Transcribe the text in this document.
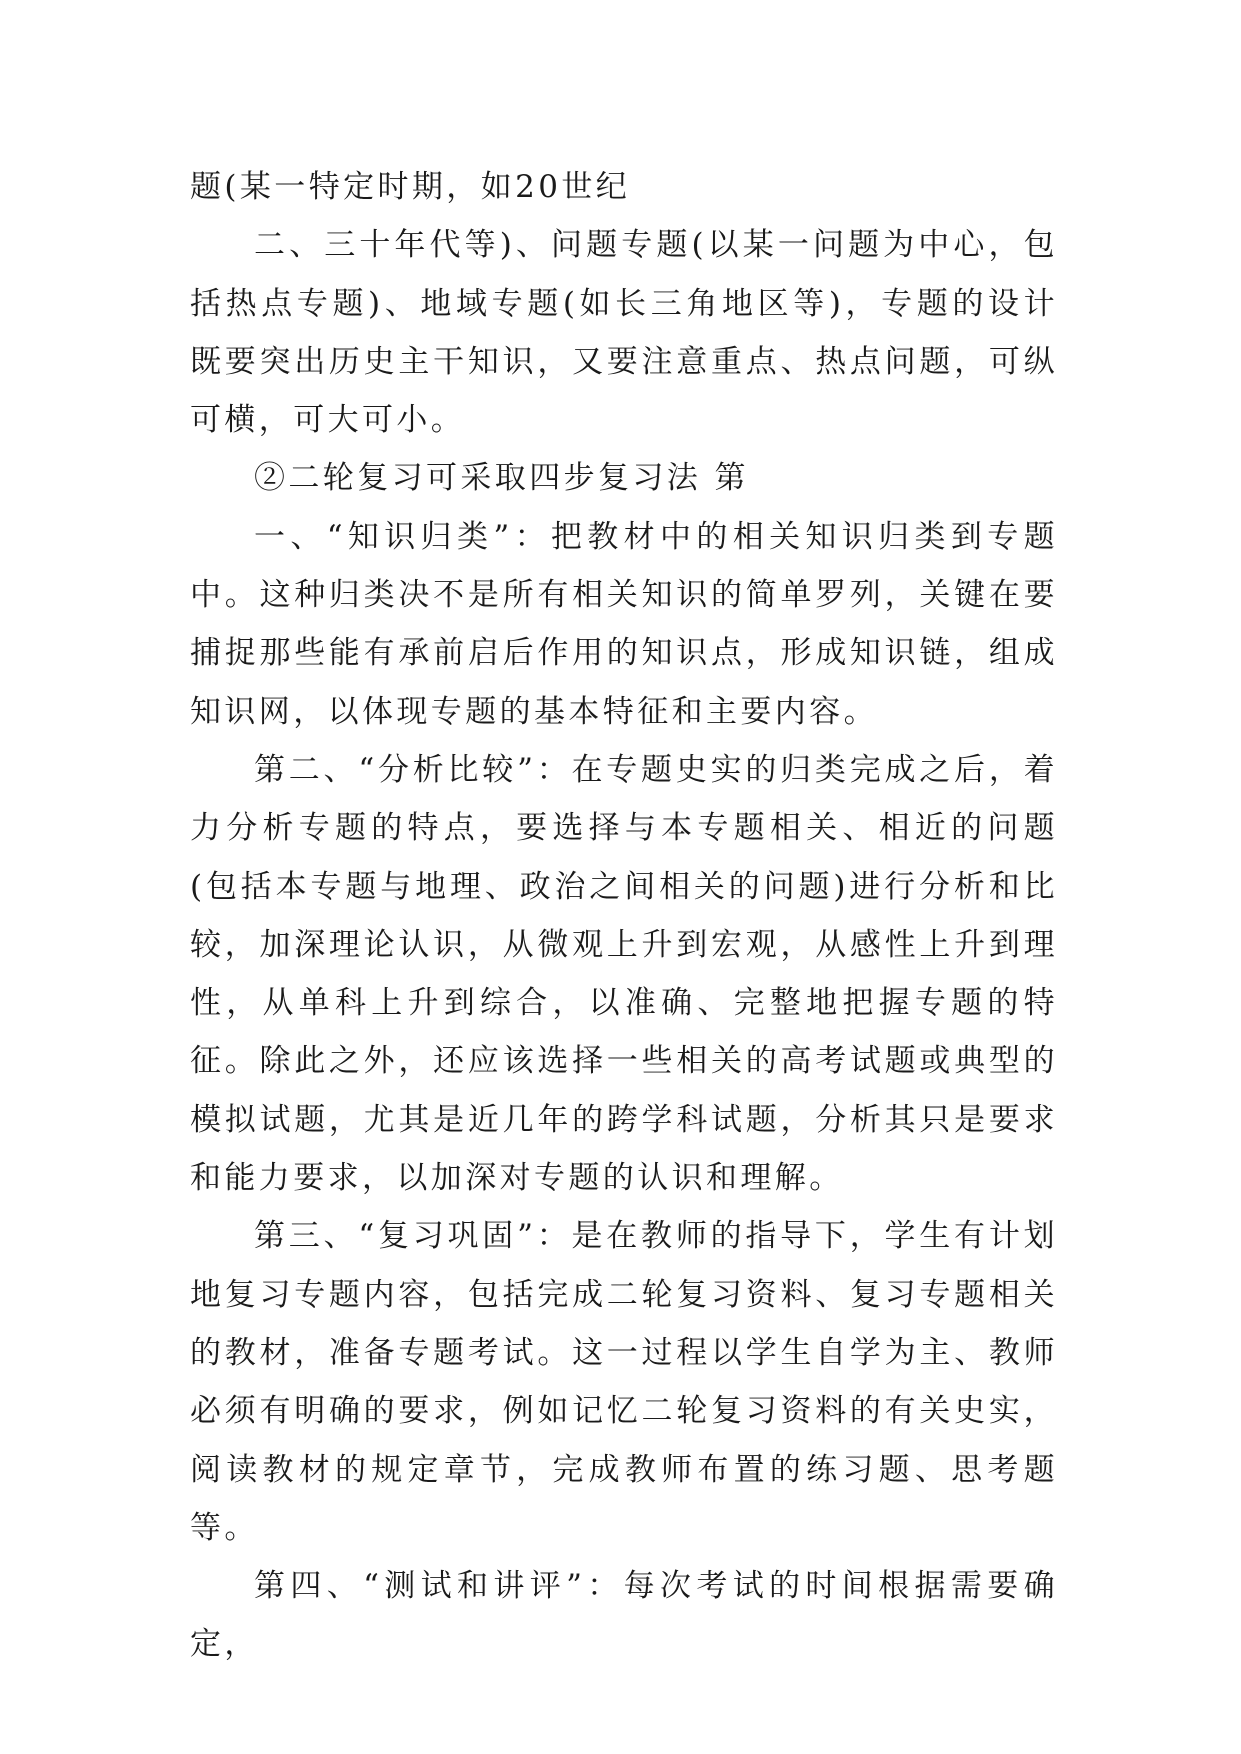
题(某一特定时期，如20世纪

二、三十年代等)、问题专题(以某一问题为中心，包括热点专题)、地域专题(如长三角地区等)，专题的设计既要突出历史主干知识，又要注意重点、热点问题，可纵可横，可大可小。

②二轮复习可采取四步复习法 第

一、“知识归类”：把教材中的相关知识归类到专题中。这种归类决不是所有相关知识的简单罗列，关键在要捕捉那些能有承前启后作用的知识点，形成知识链，组成知识网，以体现专题的基本特征和主要内容。

第二、“分析比较”：在专题史实的归类完成之后，着力分析专题的特点，要选择与本专题相关、相近的问题(包括本专题与地理、政治之间相关的问题)进行分析和比较，加深理论认识，从微观上升到宏观，从感性上升到理性，从单科上升到综合，以准确、完整地把握专题的特征。除此之外，还应该选择一些相关的高考试题或典型的模拟试题，尤其是近几年的跨学科试题，分析其只是要求和能力要求，以加深对专题的认识和理解。

第三、“复习巩固”：是在教师的指导下，学生有计划地复习专题内容，包括完成二轮复习资料、复习专题相关的教材，准备专题考试。这一过程以学生自学为主、教师必须有明确的要求，例如记忆二轮复习资料的有关史实，阅读教材的规定章节，完成教师布置的练习题、思考题等。

第四、“测试和讲评”：每次考试的时间根据需要确定，
